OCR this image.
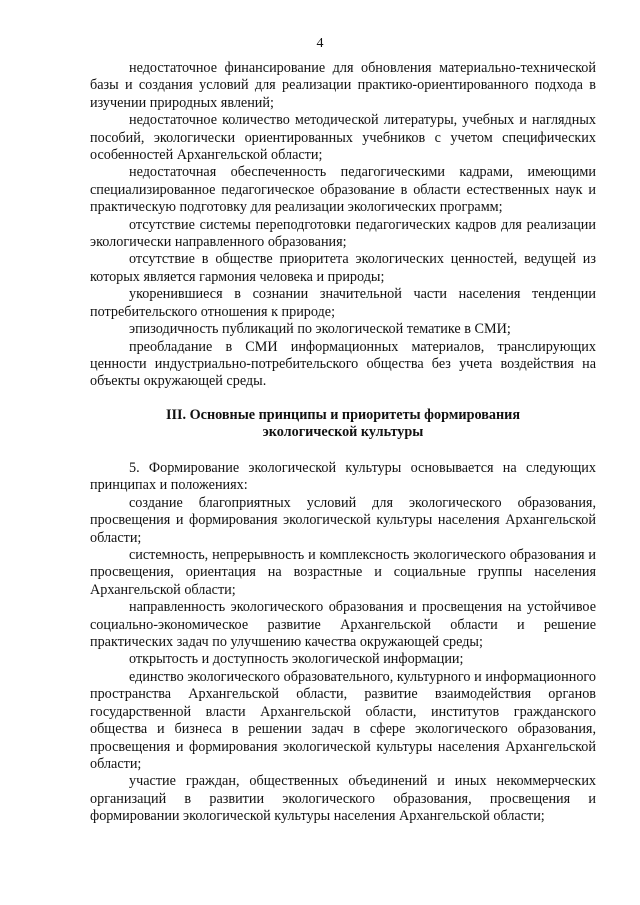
4

недостаточное финансирование для обновления материально-технической базы и создания условий для реализации практико-ориентированного подхода в изучении природных явлений;

недостаточное количество методической литературы, учебных и наглядных пособий, экологически ориентированных учебников с учетом специфических особенностей Архангельской области;

недостаточная обеспеченность педагогическими кадрами, имеющими специализированное педагогическое образование в области естественных наук и практическую подготовку для реализации экологических программ;

отсутствие системы переподготовки педагогических кадров для реализации экологически направленного образования;

отсутствие в обществе приоритета экологических ценностей, ведущей из которых является гармония человека и природы;

укоренившиеся в сознании значительной части населения тенденции потребительского отношения к природе;

эпизодичность публикаций по экологической тематике в СМИ;

преобладание в СМИ информационных материалов, транслирующих ценности индустриально-потребительского общества без учета воздействия на объекты окружающей среды.

III. Основные принципы и приоритеты формирования
экологической культуры

5. Формирование экологической культуры основывается на следующих принципах и положениях:

создание благоприятных условий для экологического образования, просвещения и формирования экологической культуры населения Архангельской области;

системность, непрерывность и комплексность экологического образования и просвещения, ориентация на возрастные и социальные группы населения Архангельской области;

направленность экологического образования и просвещения на устойчивое социально-экономическое развитие Архангельской области и решение практических задач по улучшению качества окружающей среды;

открытость и доступность экологической информации;

единство экологического образовательного, культурного и информационного пространства Архангельской области, развитие взаимодействия органов государственной власти Архангельской области, институтов гражданского общества и бизнеса в решении задач в сфере экологического образования, просвещения и формирования экологической культуры населения Архангельской области;

участие граждан, общественных объединений и иных некоммерческих организаций в развитии экологического образования, просвещения и формировании экологической культуры населения Архангельской области;
